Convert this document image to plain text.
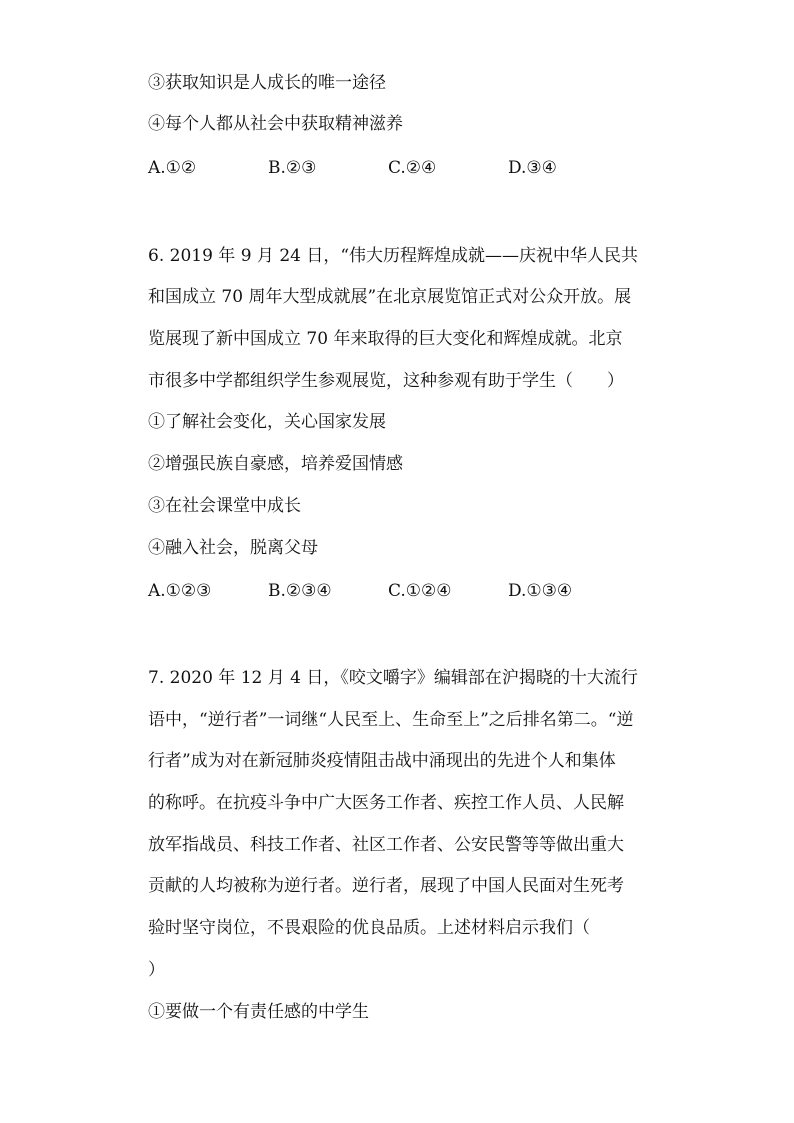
③获取知识是人成长的唯一途径
④每个人都从社会中获取精神滋养
A.①②	B.②③	C.②④	D.③④
6. 2019 年 9 月 24 日，“伟大历程辉煌成就——庆祝中华人民共
和国成立 70 周年大型成就展”在北京展览馆正式对公众开放。展
览展现了新中国成立 70 年来取得的巨大变化和辉煌成就。北京
市很多中学都组织学生参观展览，这种参观有助于学生（　　）
①了解社会变化，关心国家发展
②增强民族自豪感，培养爱国情感
③在社会课堂中成长
④融入社会，脱离父母
A.①②③	B.②③④	C.①②④	D.①③④
7. 2020 年 12 月 4 日，《咬文嚼字》编辑部在沪揭晓的十大流行
语中，“逆行者”一词继“人民至上、生命至上”之后排名第二。“逆
行者”成为对在新冠肺炎疫情阻击战中涌现出的先进个人和集体
的称呼。在抗疫斗争中广大医务工作者、疾控工作人员、人民解
放军指战员、科技工作者、社区工作者、公安民警等等做出重大
贡献的人均被称为逆行者。逆行者，展现了中国人民面对生死考
验时坚守岗位，不畏艰险的优良品质。上述材料启示我们（
）
①要做一个有责任感的中学生
